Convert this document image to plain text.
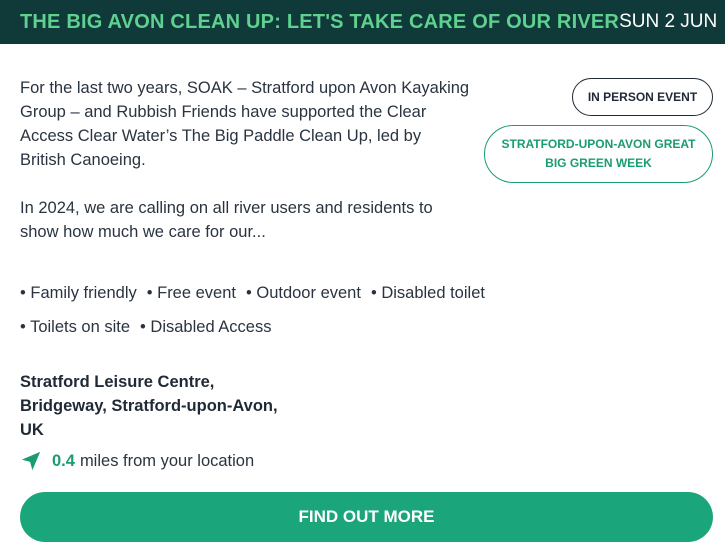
THE BIG AVON CLEAN UP: LET'S TAKE CARE OF OUR RIVER SUN 2 JUN

For the last two years, SOAK – Stratford upon Avon Kayaking Group – and Rubbish Friends have supported the Clear Access Clear Water’s The Big Paddle Clean Up, led by British Canoeing.

In 2024, we are calling on all river users and residents to show how much we care for our...

IN PERSON EVENT
STRATFORD-UPON-AVON GREAT
BIG GREEN WEEK
• Family friendly	• Free event	• Outdoor event	• Disabled toilet
• Toilets on site	• Disabled Access
Stratford Leisure Centre,
Bridgeway, Stratford-upon-Avon,
UK
0.4 miles from your location
FIND OUT MORE
